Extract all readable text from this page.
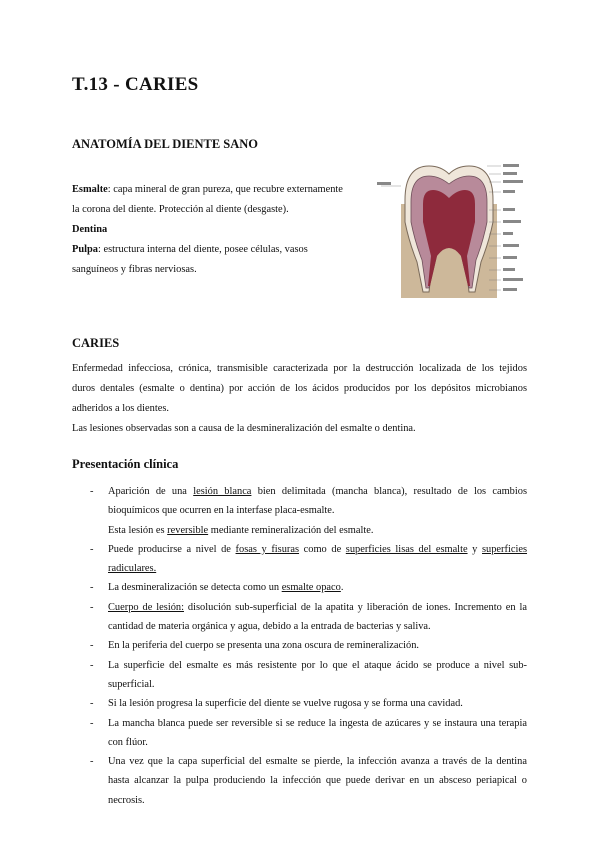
T.13 - CARIES
ANATOMÍA DEL DIENTE SANO
Esmalte: capa mineral de gran pureza, que recubre externamente
la corona del diente. Protección al diente (desgaste).
Dentina
Pulpa: estructura interna del diente, posee células, vasos
sanguíneos y fibras nerviosas.
CARIES
Enfermedad infecciosa, crónica, transmisible caracterizada por la destrucción localizada de los tejidos
duros dentales (esmalte o dentina) por acción de los ácidos producidos por los depósitos microbianos
adheridos a los dientes.
Las lesiones observadas son a causa de la desmineralización del esmalte o dentina.
Presentación clínica
- Aparición de una lesión blanca bien delimitada (mancha blanca), resultado de los cambios bioquímicos que ocurren en la interfase placa-esmalte.
Esta lesión es reversible mediante remineralización del esmalte.
- Puede producirse a nivel de fosas y fisuras como de superficies lisas del esmalte y superficies radiculares.
- La desmineralización se detecta como un esmalte opaco.
- Cuerpo de lesión: disolución sub-superficial de la apatita y liberación de iones. Incremento en la cantidad de materia orgánica y agua, debido a la entrada de bacterias y saliva.
- En la periferia del cuerpo se presenta una zona oscura de remineralización.
- La superficie del esmalte es más resistente por lo que el ataque ácido se produce a nivel sub-superficial.
- Si la lesión progresa la superficie del diente se vuelve rugosa y se forma una cavidad.
- La mancha blanca puede ser reversible si se reduce la ingesta de azúcares y se instaura una terapia con flúor.
- Una vez que la capa superficial del esmalte se pierde, la infección avanza a través de la dentina hasta alcanzar la pulpa produciendo la infección que puede derivar en un absceso periapical o necrosis.
